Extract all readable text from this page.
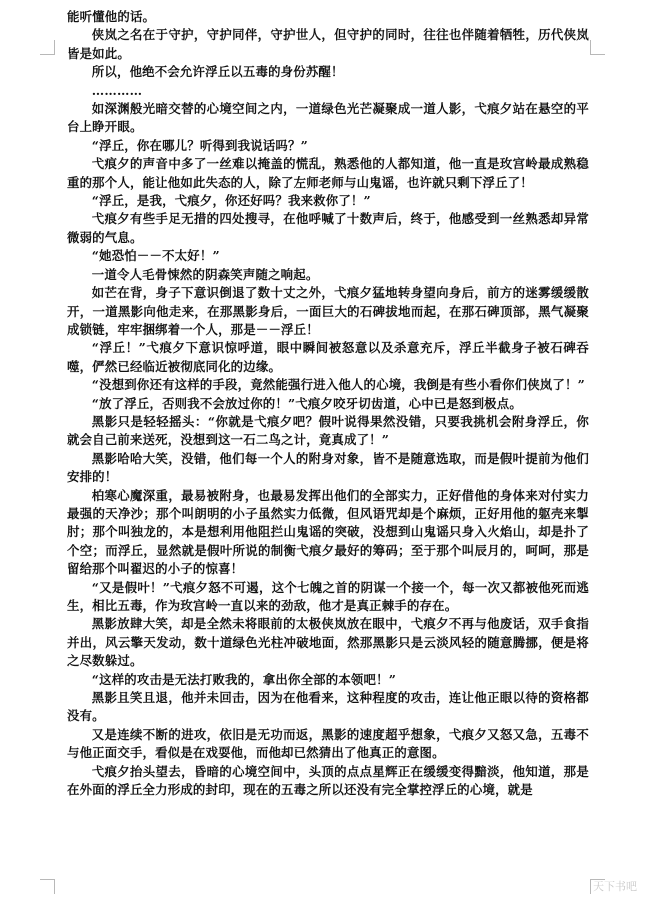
能听懂他的话。

侠岚之名在于守护，守护同伴，守护世人，但守护的同时，往往也伴随着牺牲，历代侠岚皆是如此。

所以，他绝不会允许浮丘以五毒的身份苏醒！

…………

如深渊般光暗交替的心境空间之内，一道绿色光芒凝聚成一道人影，弋痕夕站在悬空的平台上睁开眼。

“浮丘，你在哪儿？听得到我说话吗？”

弋痕夕的声音中多了一丝难以掩盖的慌乱，熟悉他的人都知道，他一直是玫宫岭最成熟稳重的那个人，能让他如此失态的人，除了左师老师与山鬼谣，也许就只剩下浮丘了！

“浮丘，是我，弋痕夕，你还好吗？我来救你了！”

弋痕夕有些手足无措的四处搜寻，在他呼喊了十数声后，终于，他感受到一丝熟悉却异常微弱的气息。

“她恐怕－－不太好！”

一道令人毛骨悚然的阴森笑声随之响起。

如芒在背，身子下意识倒退了数十丈之外，弋痕夕猛地转身望向身后，前方的迷雾缓缓散开，一道黑影向他走来，在那黑影身后，一面巨大的石碑拔地而起，在那石碑顶部，黑气凝聚成锁链，牢牢捆绑着一个人，那是－－浮丘！

“浮丘！”弋痕夕下意识惊呼道，眼中瞬间被怒意以及杀意充斥，浮丘半截身子被石碑吞噬，俨然已经临近被彻底同化的边缘。

“没想到你还有这样的手段，竟然能强行进入他人的心境，我倒是有些小看你们侠岚了！”

“放了浮丘，否则我不会放过你的！”弋痕夕咬牙切齿道，心中已是怒到极点。

黑影只是轻轻摇头：“你就是弋痕夕吧？假叶说得果然没错，只要我挑机会附身浮丘，你就会自己前来送死，没想到这一石二鸟之计，竟真成了！”

黑影哈哈大笑，没错，他们每一个人的附身对象，皆不是随意选取，而是假叶提前为他们安排的！

柏寒心魔深重，最易被附身，也最易发挥出他们的全部实力，正好借他的身体来对付实力最强的天净沙；那个叫朗明的小子虽然实力低微，但风语咒却是个麻烦，正好用他的躯壳来掣肘；那个叫独龙的，本是想利用他阻拦山鬼谣的突破，没想到山鬼谣只身入火焰山，却是扑了个空；而浮丘，显然就是假叶所说的制衡弋痕夕最好的筹码；至于那个叫辰月的，呵呵，那是留给那个叫翟迟的小子的惊喜！

“又是假叶！”弋痕夕怒不可遏，这个七魄之首的阴谋一个接一个，每一次又都被他死而逃生，相比五毒，作为玫宫岭一直以来的劲敌，他才是真正棘手的存在。

黑影放肆大笑，却是全然未将眼前的太极侠岚放在眼中，弋痕夕不再与他废话，双手食指并出，风云擎天发动，数十道绿色光柱冲破地面，然那黑影只是云淡风轻的随意腾挪，便是将之尽数躲过。

“这样的攻击是无法打败我的，拿出你全部的本领吧！”

黑影且笑且退，他并未回击，因为在他看来，这种程度的攻击，连让他正眼以待的资格都没有。

又是连续不断的进攻，依旧是无功而返，黑影的速度超乎想象，弋痕夕又怒又急，五毒不与他正面交手，看似是在戏耍他，而他却已然猜出了他真正的意图。

弋痕夕抬头望去，昏暗的心境空间中，头顶的点点星辉正在缓缓变得黯淡，他知道，那是在外面的浮丘全力形成的封印，现在的五毒之所以还没有完全掌控浮丘的心境，就是

天下书吧
